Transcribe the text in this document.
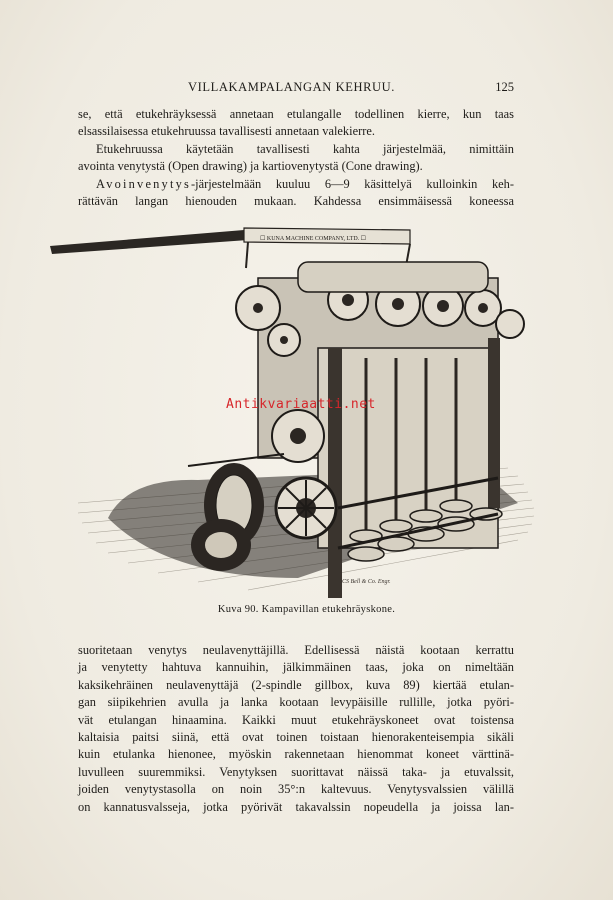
VILLAKAMPALANGAN KEHRUU.	125

se, että etukehräyksessä annetaan etulangalle todellinen kierre, kun taas

elsassilaisessa etukehruussa tavallisesti annetaan valekierre.

Etukehruussa käytetään tavallisesti kahta järjestelmää, nimittäin

avointa venytystä (Open drawing) ja kartiovenytystä (Cone drawing).

Avoinvenytys-järjestelmään kuuluu 6—9 käsittelyä kulloinkin keh-

rättävän langan hienouden mukaan. Kahdessa ensimmäisessä koneessa

☐ KUNA MACHINE COMPANY, LTD. ☐
CS Bell & Co. Engr.
Antikvariaatti.net
Kuva 90. Kampavillan etukehräyskone.

suoritetaan venytys neulavenyttäjillä. Edellisessä näistä kootaan kerrattu

ja venytetty hahtuva kannuihin, jälkimmäinen taas, joka on nimeltään

kaksikehräinen neulavenyttäjä (2-spindle gillbox, kuva 89) kiertää etulan-

gan siipikehrien avulla ja lanka kootaan levypäisille rullille, jotka pyöri-

vät etulangan hinaamina. Kaikki muut etukehräyskoneet ovat toistensa

kaltaisia paitsi siinä, että ovat toinen toistaan hienorakenteisempia sikäli

kuin etulanka hienonee, myöskin rakennetaan hienommat koneet värttinä-

luvulleen suuremmiksi. Venytyksen suorittavat näissä taka- ja etuvalssit,

joiden venytystasolla on noin 35°:n kaltevuus. Venytysvalssien välillä

on kannatusvalsseja, jotka pyörivät takavalssin nopeudella ja joissa lan-
